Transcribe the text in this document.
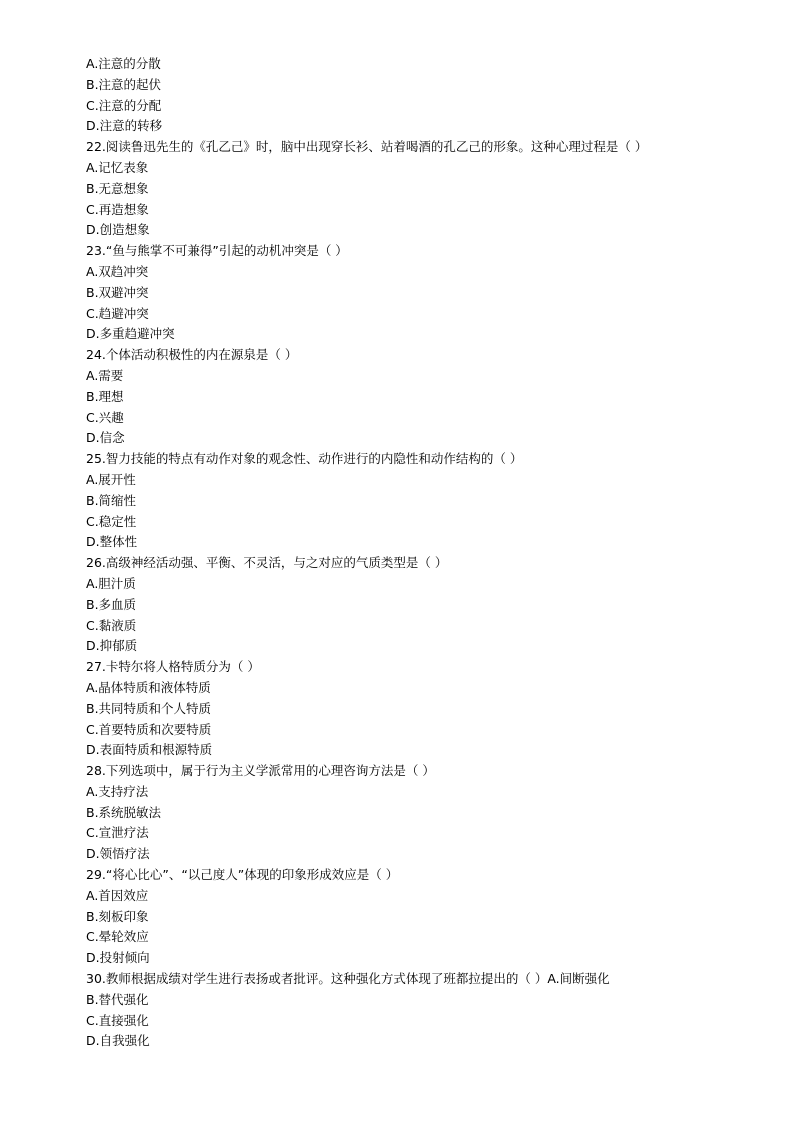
A.注意的分散
B.注意的起伏
C.注意的分配
D.注意的转移
22.阅读鲁迅先生的《孔乙己》时，脑中出现穿长衫、站着喝酒的孔乙己的形象。这种心理过程是（ ）
A.记忆表象
B.无意想象
C.再造想象
D.创造想象
23.“鱼与熊掌不可兼得”引起的动机冲突是（ ）
A.双趋冲突
B.双避冲突
C.趋避冲突
D.多重趋避冲突
24.个体活动积极性的内在源泉是（ ）
A.需要
B.理想
C.兴趣
D.信念
25.智力技能的特点有动作对象的观念性、动作进行的内隐性和动作结构的（ ）
A.展开性
B.简缩性
C.稳定性
D.整体性
26.高级神经活动强、平衡、不灵活，与之对应的气质类型是（ ）
A.胆汁质
B.多血质
C.黏液质
D.抑郁质
27.卡特尔将人格特质分为（ ）
A.晶体特质和液体特质
B.共同特质和个人特质
C.首要特质和次要特质
D.表面特质和根源特质
28.下列选项中，属于行为主义学派常用的心理咨询方法是（ ）
A.支持疗法
B.系统脱敏法
C.宣泄疗法
D.领悟疗法
29.“将心比心”、“以己度人”体现的印象形成效应是（ ）
A.首因效应
B.刻板印象
C.晕轮效应
D.投射倾向
30.教师根据成绩对学生进行表扬或者批评。这种强化方式体现了班都拉提出的（ ）A.间断强化
B.替代强化
C.直接强化
D.自我强化
